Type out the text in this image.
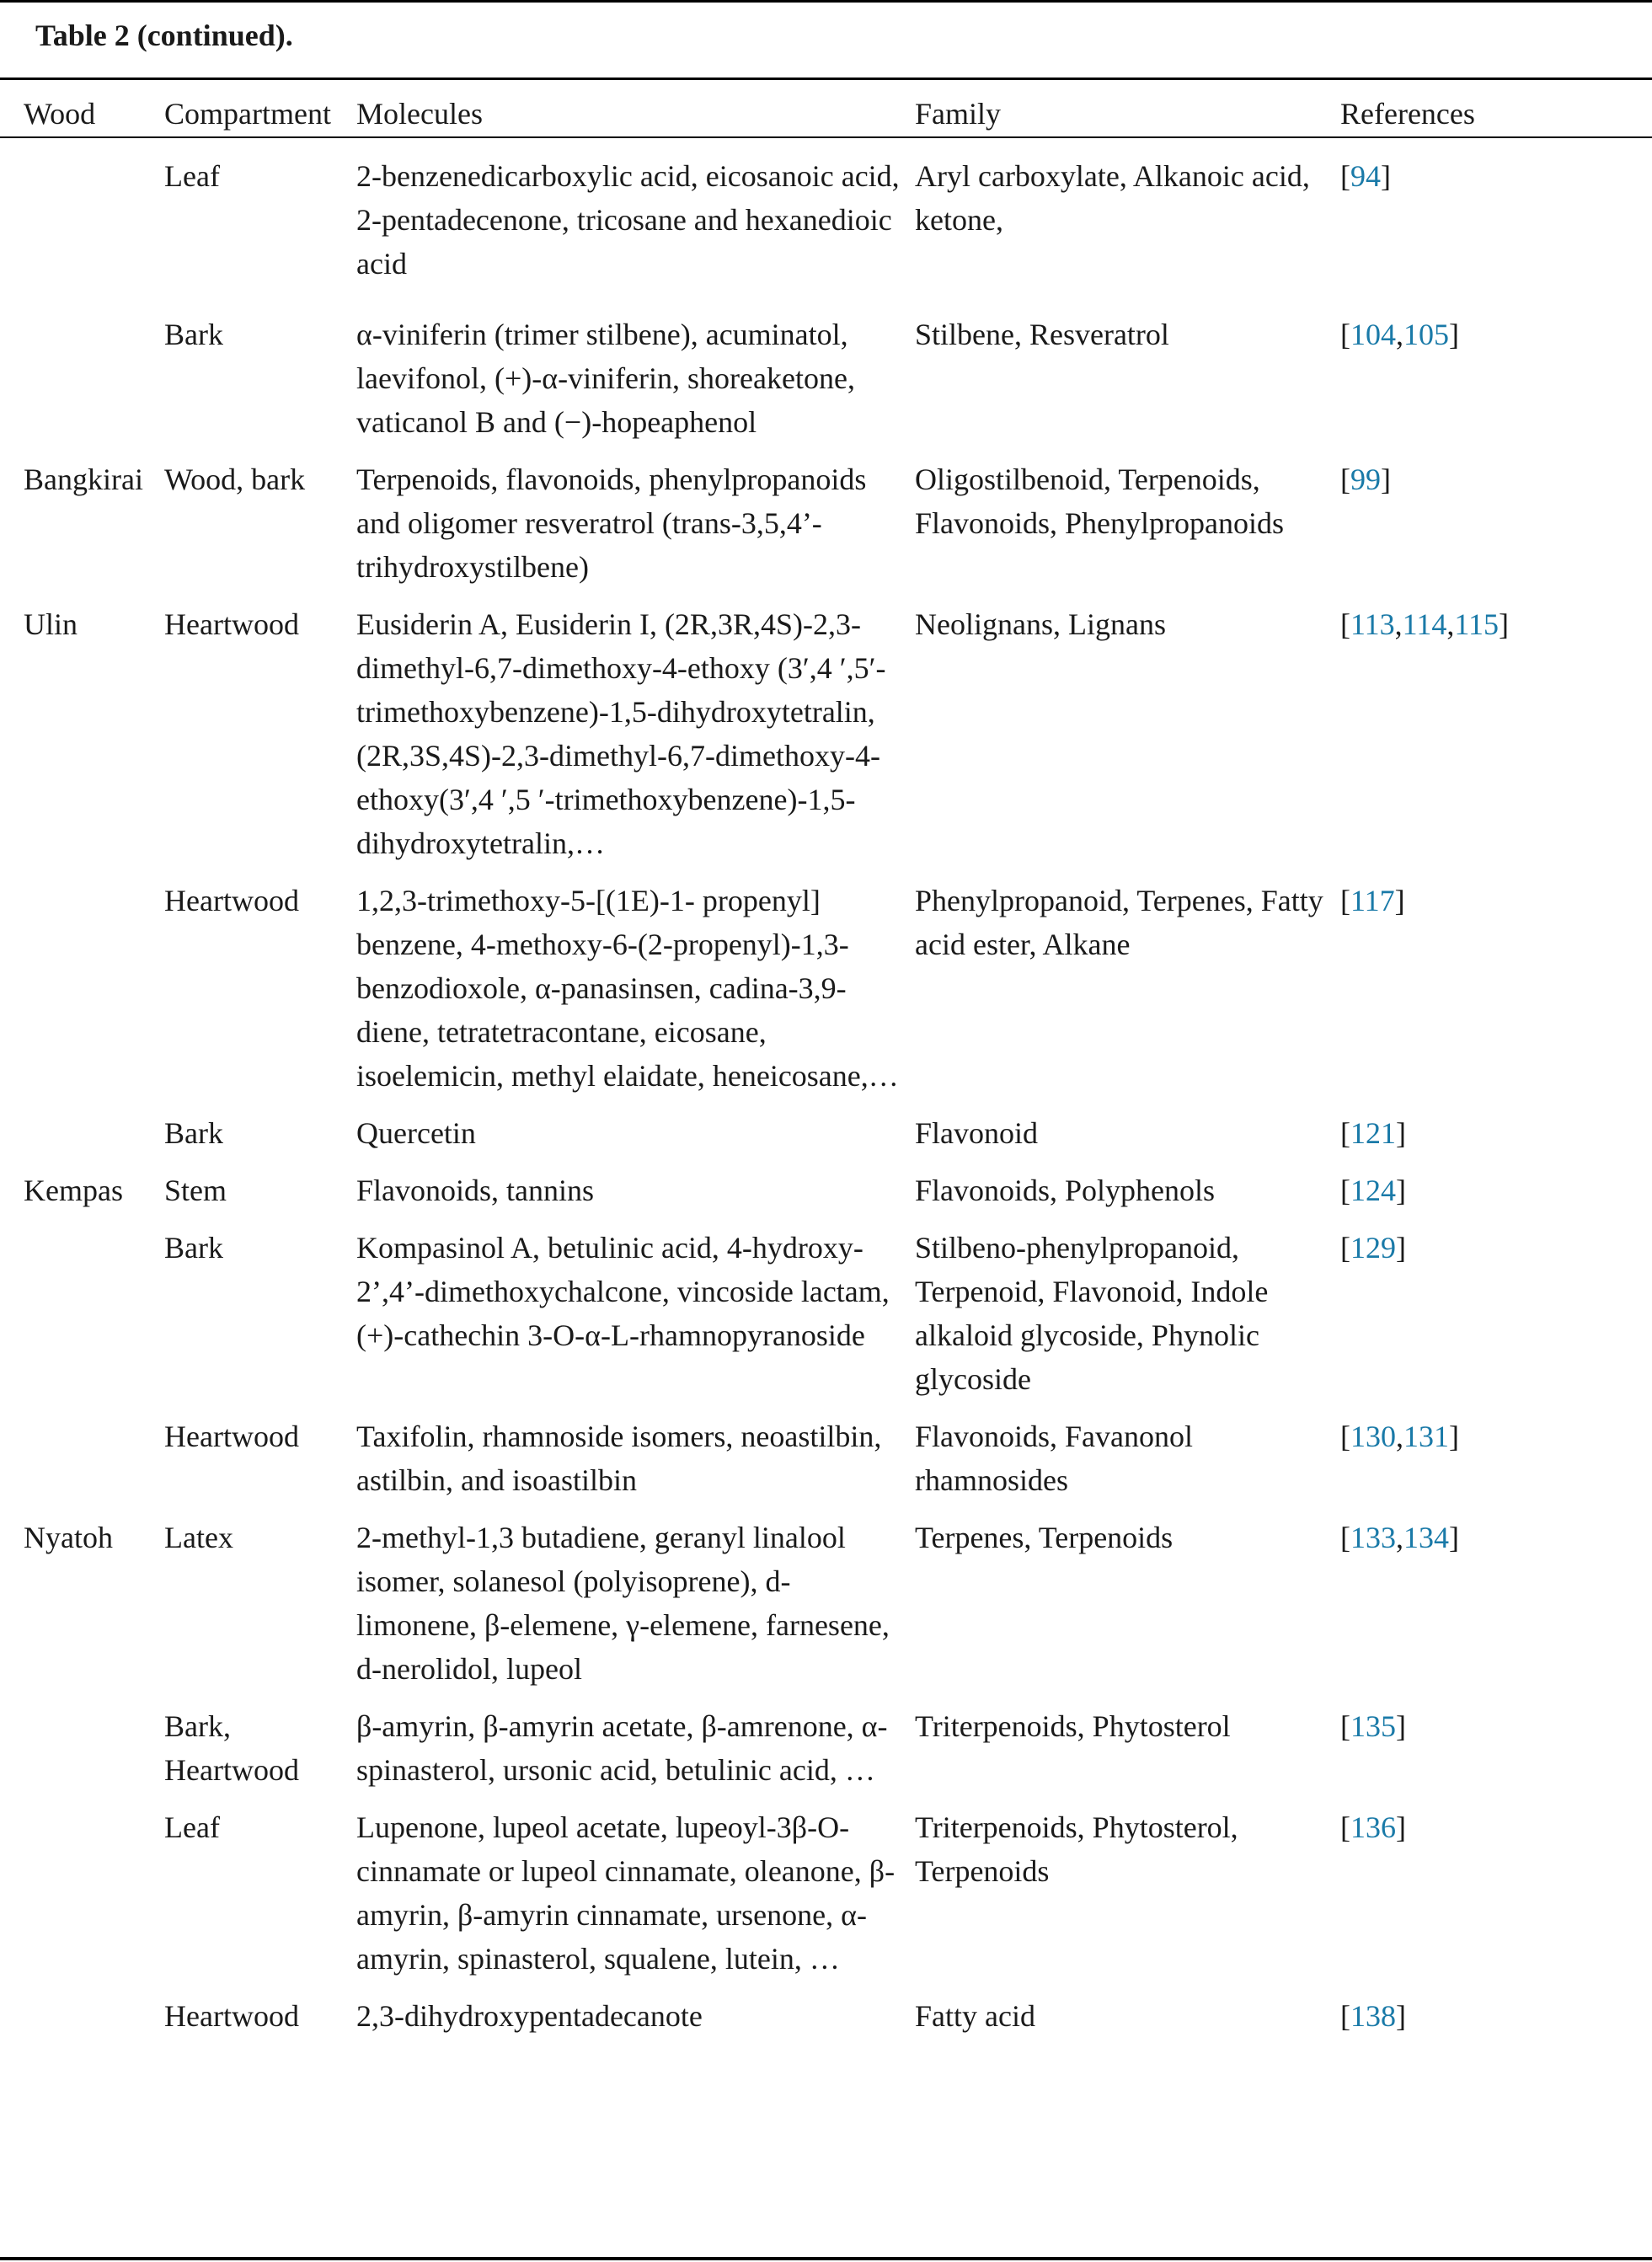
Table 2 (continued).

Wood	Compartment	Molecules	Family	References
	Leaf	2-benzenedicarboxylic acid, eicosanoic acid, 2-pentadecenone, tricosane and hexanedioic acid	Aryl carboxylate, Alkanoic acid, ketone,	[94]
	Bark	α-viniferin (trimer stilbene), acuminatol, laevifonol, (+)-α-viniferin, shoreaketone, vaticanol B and (−)-hopeaphenol	Stilbene, Resveratrol	[104,105]
Bangkirai	Wood, bark	Terpenoids, flavonoids, phenylpropanoids and oligomer resveratrol (trans-3,5,4’-trihydroxystilbene)	Oligostilbenoid, Terpenoids, Flavonoids, Phenylpropanoids	[99]
Ulin	Heartwood	Eusiderin A, Eusiderin I, (2R,3R,4S)-2,3-dimethyl-6,7-dimethoxy-4-ethoxy (3′,4 ′,5′-trimethoxybenzene)-1,5-dihydroxytetralin, (2R,3S,4S)-2,3-dimethyl-6,7-dimethoxy-4-ethoxy(3′,4 ′,5 ′-trimethoxybenzene)-1,5-dihydroxytetralin,…	Neolignans, Lignans	[113,114,115]
	Heartwood	1,2,3-trimethoxy-5-[(1E)-1- propenyl] benzene, 4-methoxy-6-(2-propenyl)-1,3-benzodioxole, α-panasinsen, cadina-3,9-diene, tetratetracontane, eicosane, isoelemicin, methyl elaidate, heneicosane,…	Phenylpropanoid, Terpenes, Fatty acid ester, Alkane	[117]
	Bark	Quercetin	Flavonoid	[121]
Kempas	Stem	Flavonoids, tannins	Flavonoids, Polyphenols	[124]
	Bark	Kompasinol A, betulinic acid, 4-hydroxy-2’,4’-dimethoxychalcone, vincoside lactam, (+)-cathechin 3-O-α-L-rhamnopyranoside	Stilbeno-phenylpropanoid, Terpenoid, Flavonoid, Indole alkaloid glycoside, Phynolic glycoside	[129]
	Heartwood	Taxifolin, rhamnoside isomers, neoastilbin, astilbin, and isoastilbin	Flavonoids, Favanonol rhamnosides	[130,131]
Nyatoh	Latex	2-methyl-1,3 butadiene, geranyl linalool isomer, solanesol (polyisoprene), d-limonene, β-elemene, γ-elemene, farnesene, d-nerolidol, lupeol	Terpenes, Terpenoids	[133,134]
	Bark, Heartwood	β-amyrin, β-amyrin acetate, β-amrenone, α-spinasterol, ursonic acid, betulinic acid, …	Triterpenoids, Phytosterol	[135]
	Leaf	Lupenone, lupeol acetate, lupeoyl-3β-O-cinnamate or lupeol cinnamate, oleanone, β-amyrin, β-amyrin cinnamate, ursenone, α-amyrin, spinasterol, squalene, lutein, …	Triterpenoids, Phytosterol, Terpenoids	[136]
	Heartwood	2,3-dihydroxypentadecanote	Fatty acid	[138]
